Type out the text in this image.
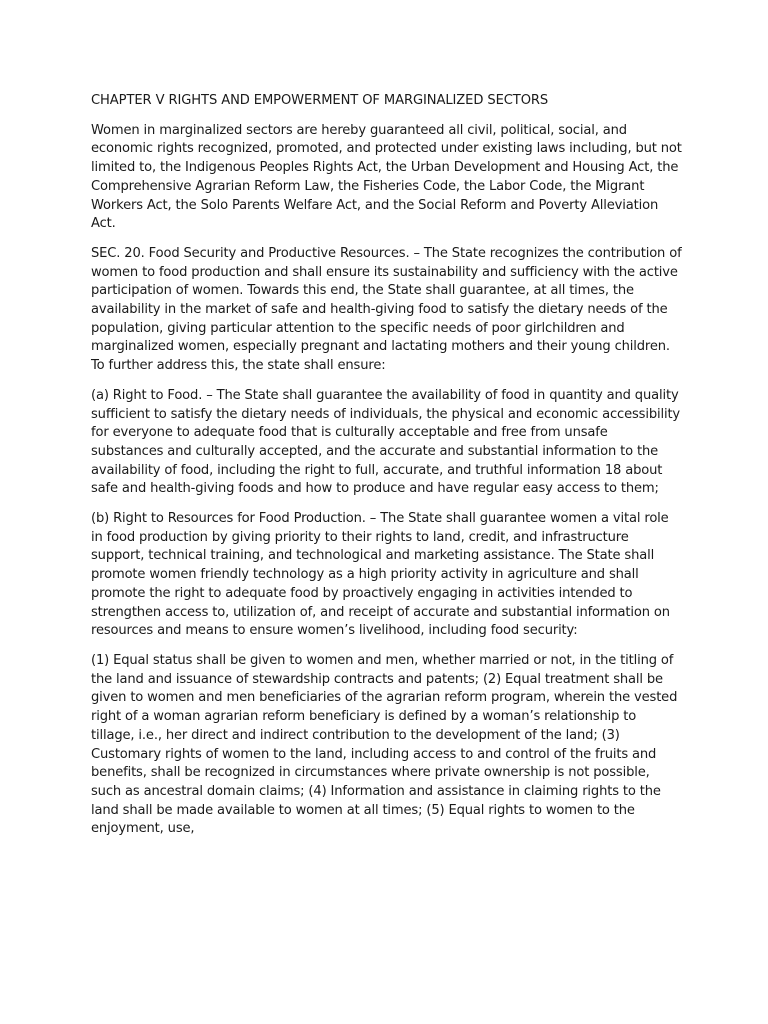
CHAPTER V RIGHTS AND EMPOWERMENT OF MARGINALIZED SECTORS

Women in marginalized sectors are hereby guaranteed all civil, political, social, and economic rights recognized, promoted, and protected under existing laws including, but not limited to, the Indigenous Peoples Rights Act, the Urban Development and Housing Act, the Comprehensive Agrarian Reform Law, the Fisheries Code, the Labor Code, the Migrant Workers Act, the Solo Parents Welfare Act, and the Social Reform and Poverty Alleviation Act.

SEC. 20. Food Security and Productive Resources. – The State recognizes the contribution of women to food production and shall ensure its sustainability and sufficiency with the active participation of women. Towards this end, the State shall guarantee, at all times, the availability in the market of safe and health-giving food to satisfy the dietary needs of the population, giving particular attention to the specific needs of poor girlchildren and marginalized women, especially pregnant and lactating mothers and their young children. To further address this, the state shall ensure:

(a) Right to Food. – The State shall guarantee the availability of food in quantity and quality sufficient to satisfy the dietary needs of individuals, the physical and economic accessibility for everyone to adequate food that is culturally acceptable and free from unsafe substances and culturally accepted, and the accurate and substantial information to the availability of food, including the right to full, accurate, and truthful information 18 about safe and health-giving foods and how to produce and have regular easy access to them;

(b) Right to Resources for Food Production. – The State shall guarantee women a vital role in food production by giving priority to their rights to land, credit, and infrastructure support, technical training, and technological and marketing assistance. The State shall promote women friendly technology as a high priority activity in agriculture and shall promote the right to adequate food by proactively engaging in activities intended to strengthen access to, utilization of, and receipt of accurate and substantial information on resources and means to ensure women’s livelihood, including food security:

(1) Equal status shall be given to women and men, whether married or not, in the titling of the land and issuance of stewardship contracts and patents; (2) Equal treatment shall be given to women and men beneficiaries of the agrarian reform program, wherein the vested right of a woman agrarian reform beneficiary is defined by a woman’s relationship to tillage, i.e., her direct and indirect contribution to the development of the land; (3) Customary rights of women to the land, including access to and control of the fruits and benefits, shall be recognized in circumstances where private ownership is not possible, such as ancestral domain claims; (4) Information and assistance in claiming rights to the land shall be made available to women at all times; (5) Equal rights to women to the enjoyment, use,
